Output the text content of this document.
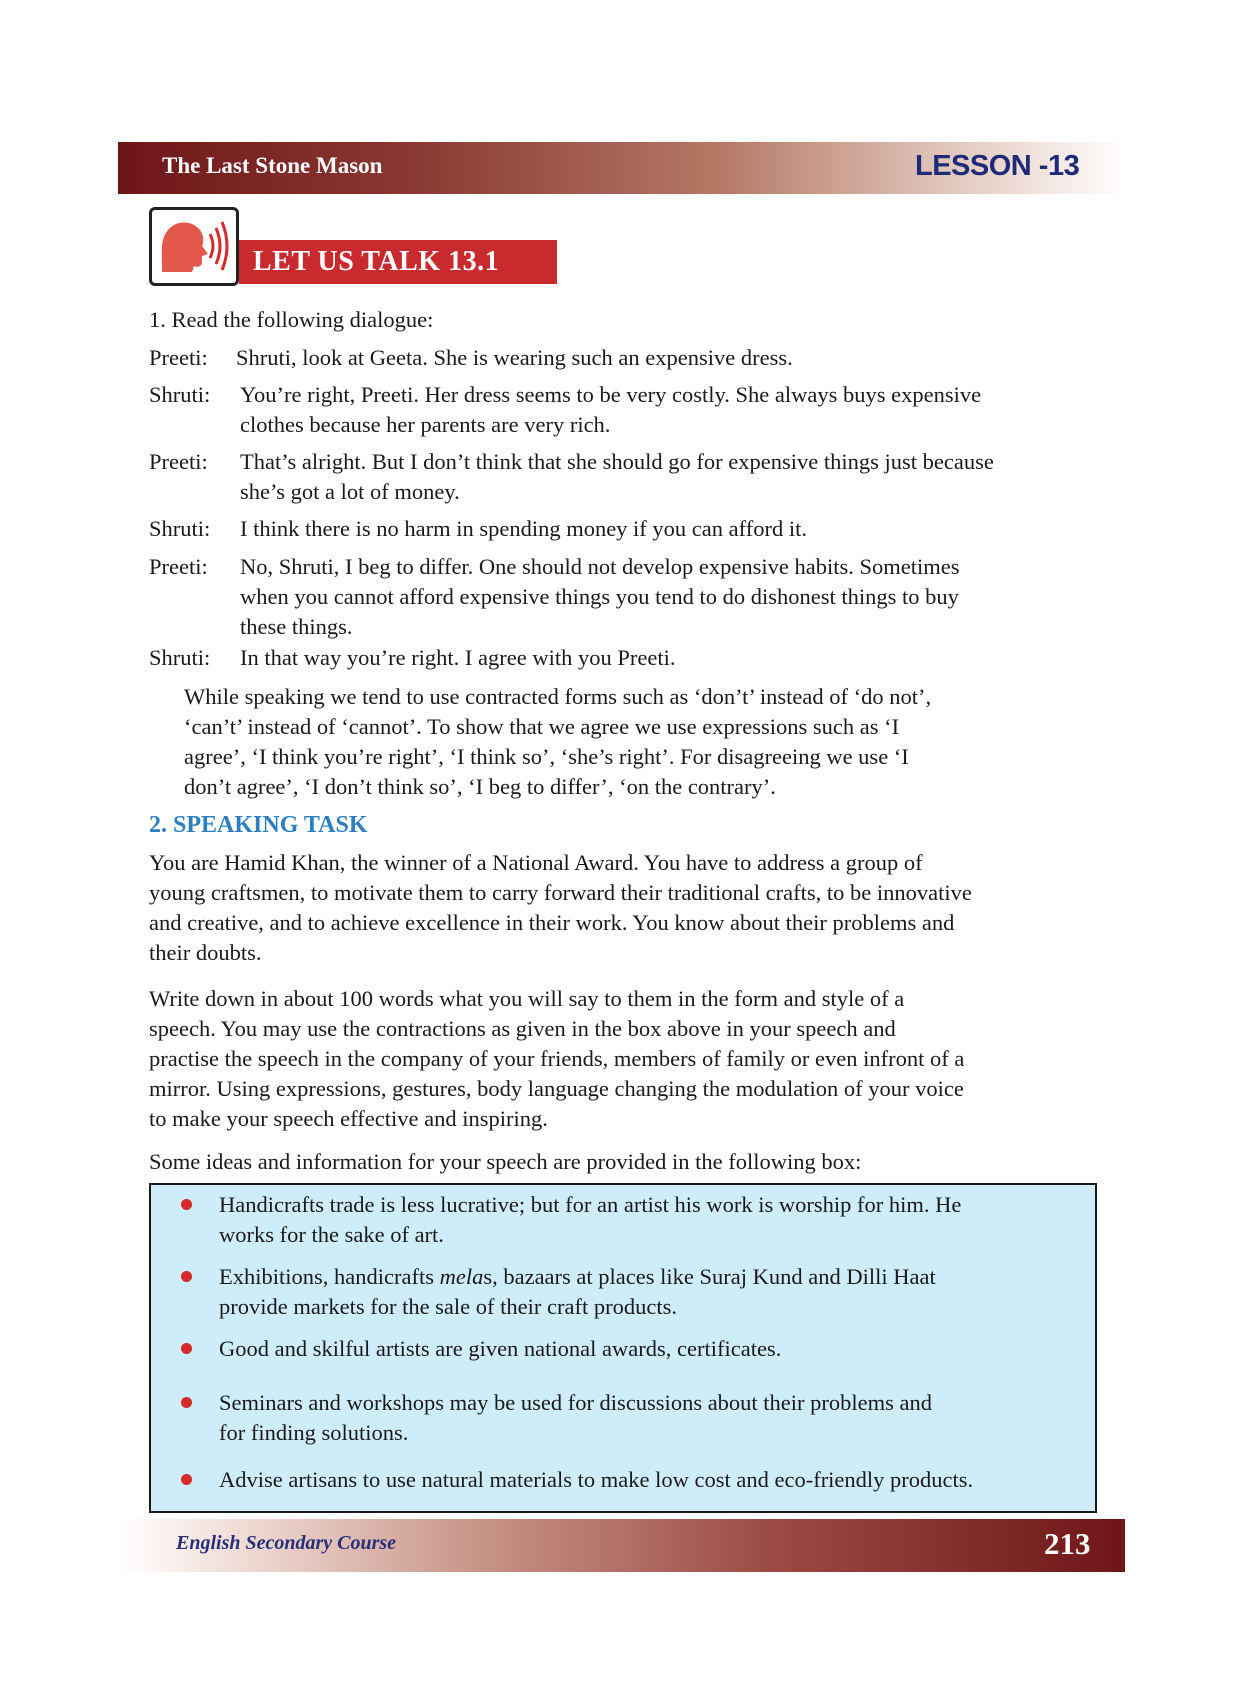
The Last Stone Mason	LESSON -13
LET US TALK 13.1
1. Read the following dialogue:
Preeti: Shruti, look at Geeta. She is wearing such an expensive dress.
Shruti: You’re right, Preeti. Her dress seems to be very costly. She always buys expensive
clothes because her parents are very rich.
Preeti: That’s alright. But I don’t think that she should go for expensive things just because
she’s got a lot of money.
Shruti: I think there is no harm in spending money if you can afford it.
Preeti: No, Shruti, I beg to differ. One should not develop expensive habits. Sometimes
when you cannot afford expensive things you tend to do dishonest things to buy
these things.
Shruti: In that way you’re right. I agree with you Preeti.
While speaking we tend to use contracted forms such as ‘don’t’ instead of ‘do not’,
‘can’t’ instead of ‘cannot’. To show that we agree we use expressions such as ‘I
agree’, ‘I think you’re right’, ‘I think so’, ‘she’s right’. For disagreeing we use ‘I
don’t agree’, ‘I don’t think so’, ‘I beg to differ’, ‘on the contrary’.
2. SPEAKING TASK
You are Hamid Khan, the winner of a National Award. You have to address a group of
young craftsmen, to motivate them to carry forward their traditional crafts, to be innovative
and creative, and to achieve excellence in their work. You know about their problems and
their doubts.
Write down in about 100 words what you will say to them in the form and style of a
speech. You may use the contractions as given in the box above in your speech and
practise the speech in the company of your friends, members of family or even infront of a
mirror. Using expressions, gestures, body language changing the modulation of your voice
to make your speech effective and inspiring.
Some ideas and information for your speech are provided in the following box:
Handicrafts trade is less lucrative; but for an artist his work is worship for him. He
works for the sake of art.
Exhibitions, handicrafts melas, bazaars at places like Suraj Kund and Dilli Haat
provide markets for the sale of their craft products.
Good and skilful artists are given national awards, certificates.
Seminars and workshops may be used for discussions about their problems and
for finding solutions.
Advise artisans to use natural materials to make low cost and eco-friendly products.
English Secondary Course	213
